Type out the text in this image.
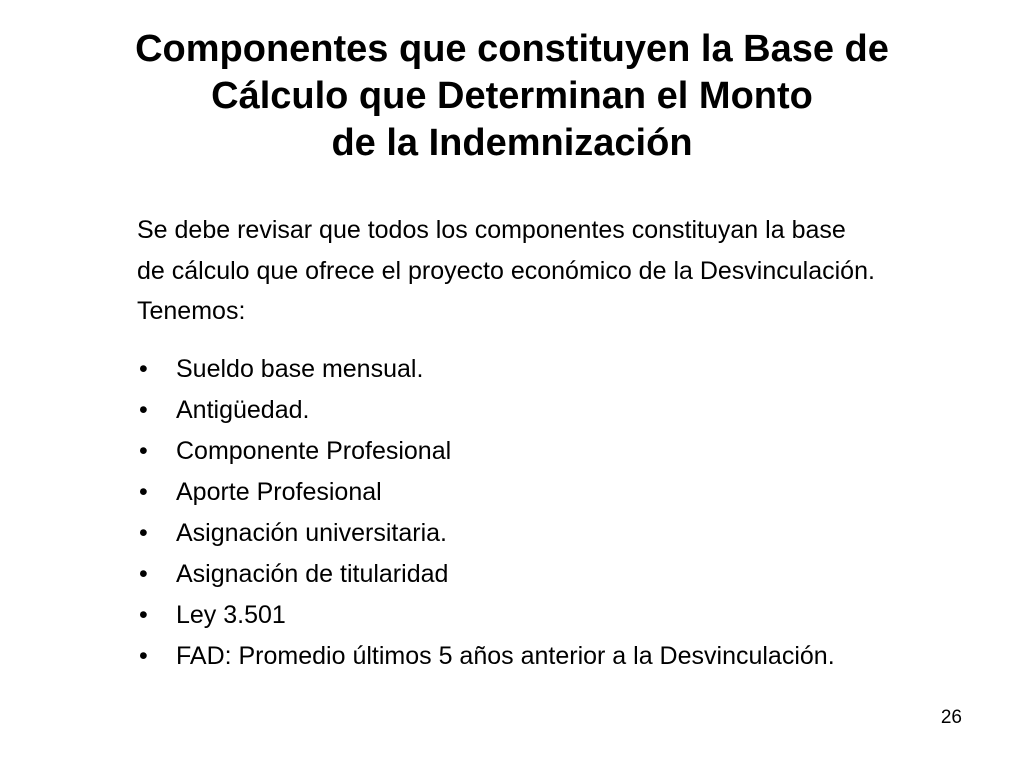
Componentes que constituyen la Base de
Cálculo que Determinan el Monto
de la Indemnización

Se debe revisar que todos los componentes constituyan la base
de cálculo que ofrece el proyecto económico de la Desvinculación.
Tenemos:

•	Sueldo base mensual.
•	Antigüedad.
•	Componente Profesional
•	Aporte Profesional
•	Asignación universitaria.
•	Asignación de titularidad
•	Ley 3.501
•	FAD: Promedio últimos 5 años anterior a la Desvinculación.
26
